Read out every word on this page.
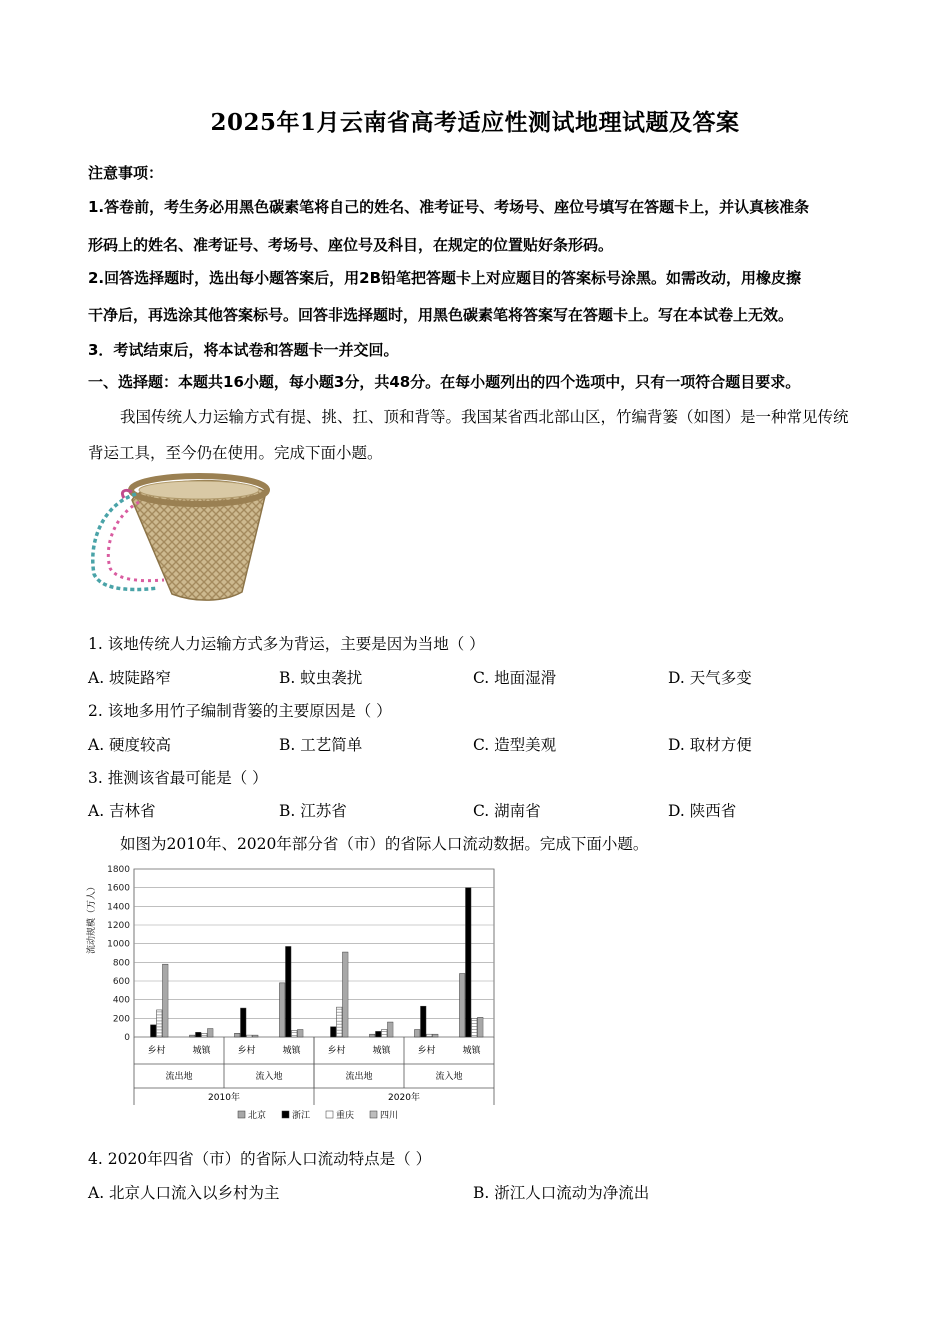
2025年1月云南省高考适应性测试地理试题及答案
注意事项：
1.答卷前，考生务必用黑色碳素笔将自己的姓名、准考证号、考场号、座位号填写在答题卡上，并认真核准条
形码上的姓名、准考证号、考场号、座位号及科目，在规定的位置贴好条形码。
2.回答选择题时，选出每小题答案后，用2B铅笔把答题卡上对应题目的答案标号涂黑。如需改动，用橡皮擦
干净后，再选涂其他答案标号。回答非选择题时，用黑色碳素笔将答案写在答题卡上。写在本试卷上无效。
3．考试结束后，将本试卷和答题卡一并交回。
一、选择题：本题共16小题，每小题3分，共48分。在每小题列出的四个选项中，只有一项符合题目要求。
我国传统人力运输方式有提、挑、扛、顶和背等。我国某省西北部山区，竹编背篓（如图）是一种常见传统
背运工具，至今仍在使用。完成下面小题。
1. 该地传统人力运输方式多为背运，主要是因为当地（ ）
A. 坡陡路窄	B. 蚊虫袭扰	C. 地面湿滑	D. 天气多变
2. 该地多用竹子编制背篓的主要原因是（ ）
A. 硬度较高	B. 工艺简单	C. 造型美观	D. 取材方便
3. 推测该省最可能是（ ）
A. 吉林省	B. 江苏省	C. 湖南省	D. 陕西省
如图为2010年、2020年部分省（市）的省际人口流动数据。完成下面小题。
0
200
400
600
800
1000
1200
1400
1600
1800
乡村	城镇	乡村	城镇	乡村	城镇	乡村	城镇
流出地	流入地	流出地	流入地
2010年	2020年
北京	浙江	重庆	四川
流动规模（万人）
4. 2020年四省（市）的省际人口流动特点是（ ）
A. 北京人口流入以乡村为主	B. 浙江人口流动为净流出
